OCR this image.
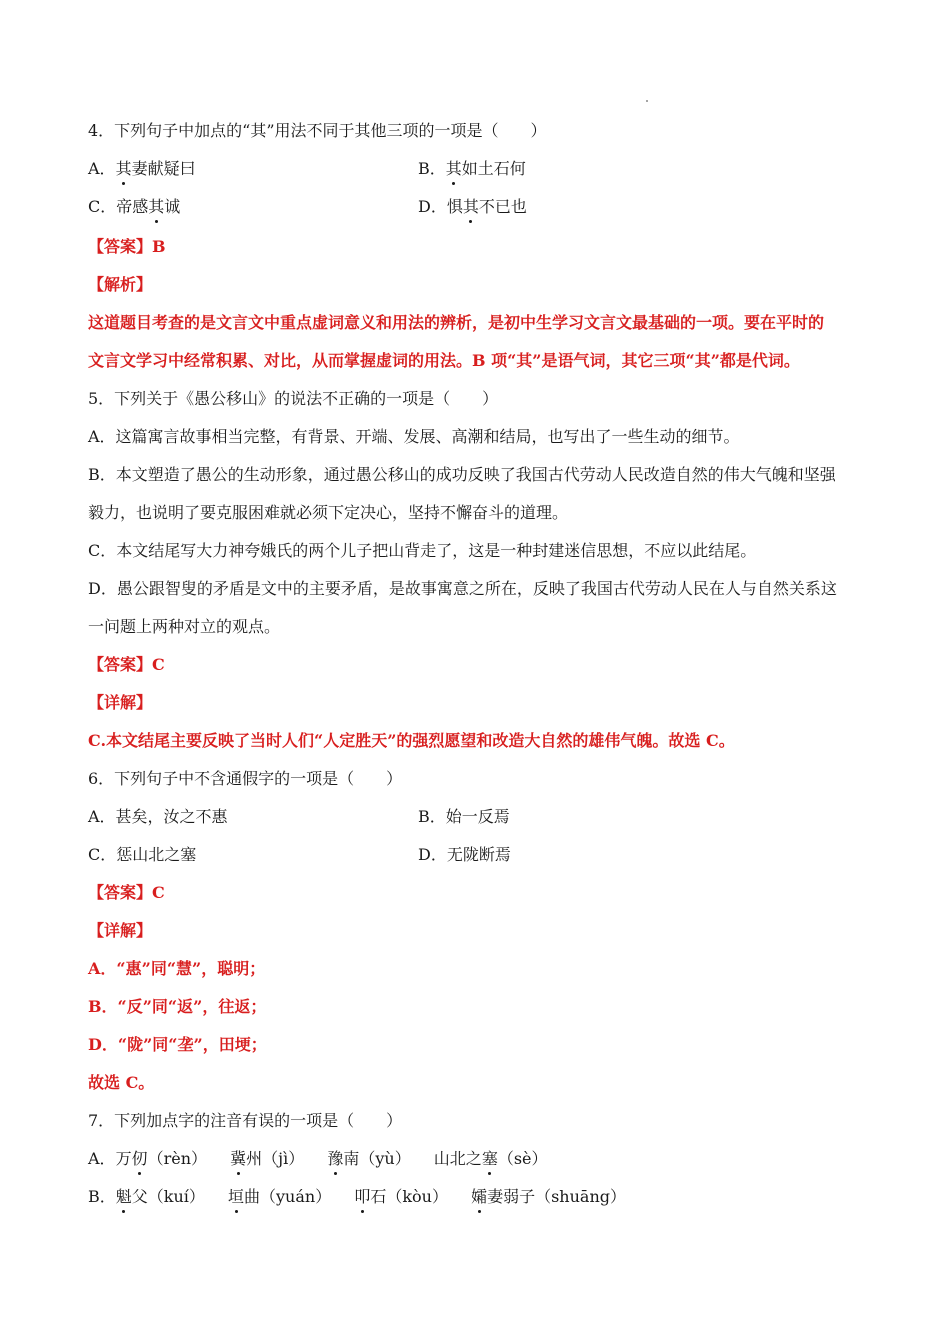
4．下列句子中加点的“其”用法不同于其他三项的一项是（　　）
A．其妻献疑曰	B．其如土石何
C．帝感其诚	D．惧其不已也
【答案】B
【解析】
这道题目考查的是文言文中重点虚词意义和用法的辨析，是初中生学习文言文最基础的一项。要在平时的
文言文学习中经常积累、对比，从而掌握虚词的用法。B 项“其”是语气词，其它三项“其”都是代词。
5．下列关于《愚公移山》的说法不正确的一项是（　　）
A．这篇寓言故事相当完整，有背景、开端、发展、高潮和结局，也写出了一些生动的细节。
B．本文塑造了愚公的生动形象，通过愚公移山的成功反映了我国古代劳动人民改造自然的伟大气魄和坚强
毅力，也说明了要克服困难就必须下定决心，坚持不懈奋斗的道理。
C．本文结尾写大力神夸娥氏的两个儿子把山背走了，这是一种封建迷信思想，不应以此结尾。
D．愚公跟智叟的矛盾是文中的主要矛盾，是故事寓意之所在，反映了我国古代劳动人民在人与自然关系这
一问题上两种对立的观点。
【答案】C
【详解】
C.本文结尾主要反映了当时人们“人定胜天”的强烈愿望和改造大自然的雄伟气魄。故选 C。
6．下列句子中不含通假字的一项是（　　）
A．甚矣，汝之不惠	B．始一反焉
C．惩山北之塞	D．无陇断焉
【答案】C
【详解】
A．“惠”同“慧”，聪明；
B．“反”同“返”，往返；
D．“陇”同“垄”，田埂；
故选 C。
7．下列加点字的注音有误的一项是（　　）
A．万仞（rèn） 冀州（jì） 豫南（yù） 山北之塞（sè）
B．魁父（kuí） 垣曲（yuán） 叩石（kòu） 孀妻弱子（shuāng）
